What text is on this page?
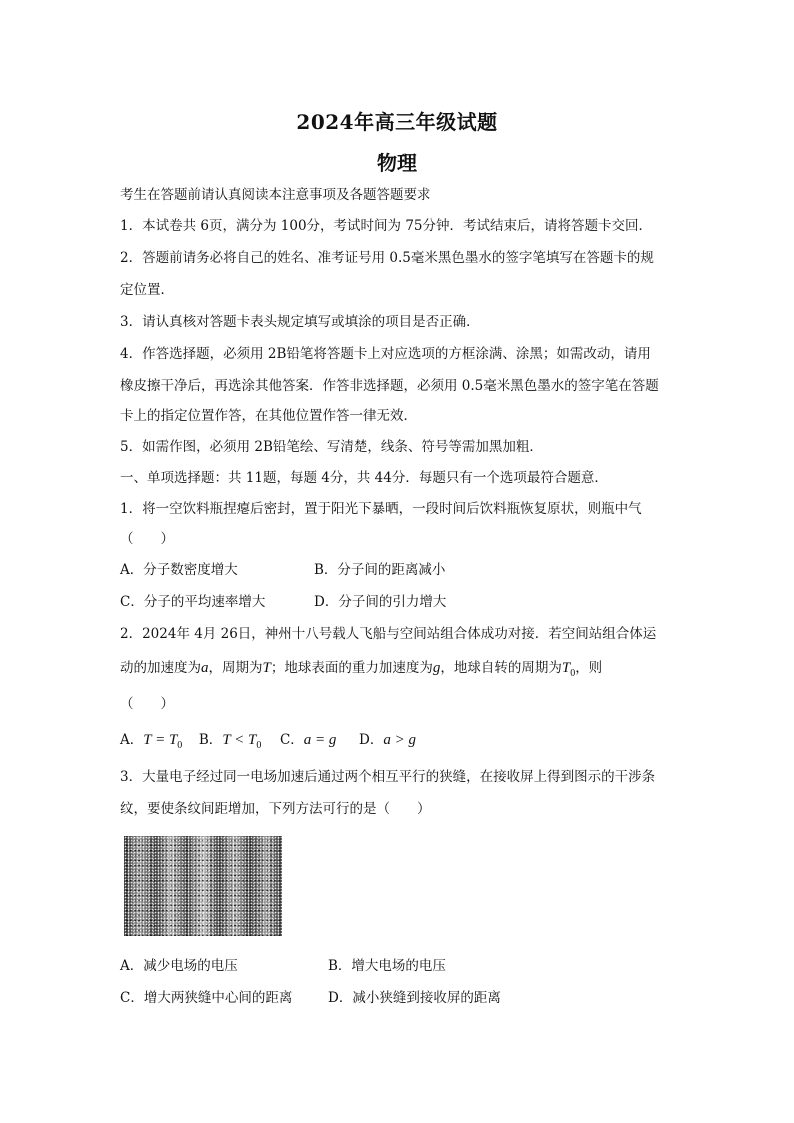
2024年高三年级试题
物理
考生在答题前请认真阅读本注意事项及各题答题要求
1．本试卷共 6页，满分为 100分，考试时间为 75分钟．考试结束后，请将答题卡交回．
2．答题前请务必将自己的姓名、准考证号用 0.5毫米黑色墨水的签字笔填写在答题卡的规
定位置．
3．请认真核对答题卡表头规定填写或填涂的项目是否正确．
4．作答选择题，必须用 2B铅笔将答题卡上对应选项的方框涂满、涂黑；如需改动，请用
橡皮擦干净后，再选涂其他答案．作答非选择题，必须用 0.5毫米黑色墨水的签字笔在答题
卡上的指定位置作答，在其他位置作答一律无效．
5．如需作图，必须用 2B铅笔绘、写清楚，线条、符号等需加黑加粗．
一、单项选择题：共 11题，每题 4分，共 44分．每题只有一个选项最符合题意．
1．将一空饮料瓶捏瘪后密封，置于阳光下暴晒，一段时间后饮料瓶恢复原状，则瓶中气
（　　）
A．分子数密度增大	B．分子间的距离减小
C．分子的平均速率增大	D．分子间的引力增大
2．2024年 4月 26日，神州十八号载人飞船与空间站组合体成功对接．若空间站组合体运
动的加速度为a，周期为T；地球表面的重力加速度为g，地球自转的周期为$T_0$，则
（　　）
A．$T = T_0$ B．$T < T_0$ C．a = g D．a > g
3．大量电子经过同一电场加速后通过两个相互平行的狭缝，在接收屏上得到图示的干涉条
纹，要使条纹间距增加，下列方法可行的是（　　）
A．减少电场的电压	B．增大电场的电压
C．增大两狭缝中心间的距离	D．减小狭缝到接收屏的距离
